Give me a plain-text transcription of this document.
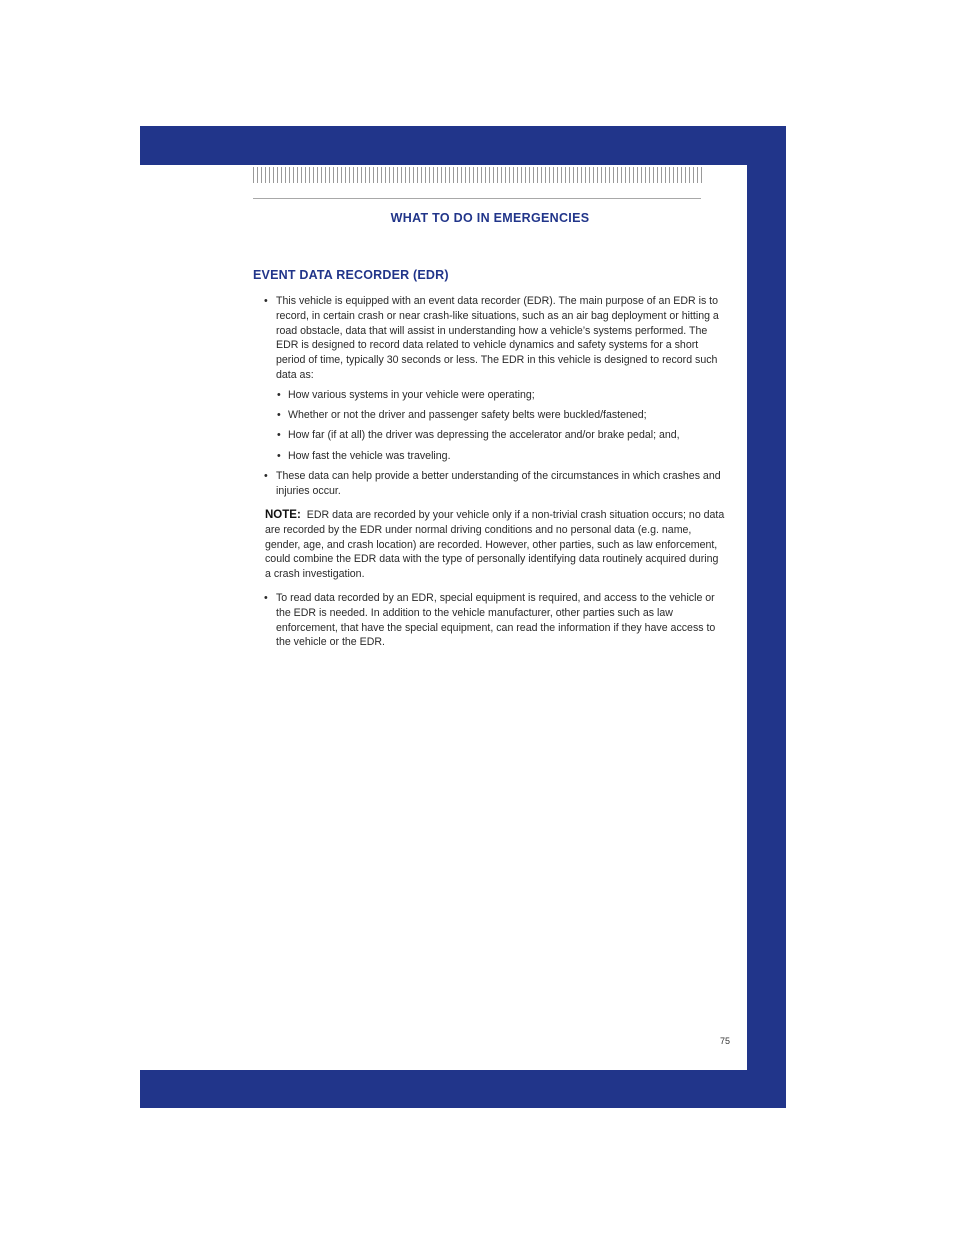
WHAT TO DO IN EMERGENCIES
EVENT DATA RECORDER (EDR)
• This vehicle is equipped with an event data recorder (EDR). The main purpose of an EDR is to record, in certain crash or near crash-like situations, such as an air bag deployment or hitting a road obstacle, data that will assist in understanding how a vehicle’s systems performed. The EDR is designed to record data related to vehicle dynamics and safety systems for a short period of time, typically 30 seconds or less. The EDR in this vehicle is designed to record such data as:
• How various systems in your vehicle were operating;
• Whether or not the driver and passenger safety belts were buckled/fastened;
• How far (if at all) the driver was depressing the accelerator and/or brake pedal; and,
• How fast the vehicle was traveling.
• These data can help provide a better understanding of the circumstances in which crashes and injuries occur.
NOTE: EDR data are recorded by your vehicle only if a non-trivial crash situation occurs; no data are recorded by the EDR under normal driving conditions and no personal data (e.g. name, gender, age, and crash location) are recorded. However, other parties, such as law enforcement, could combine the EDR data with the type of personally identifying data routinely acquired during a crash investigation.
• To read data recorded by an EDR, special equipment is required, and access to the vehicle or the EDR is needed. In addition to the vehicle manufacturer, other parties such as law enforcement, that have the special equipment, can read the information if they have access to the vehicle or the EDR.
75
